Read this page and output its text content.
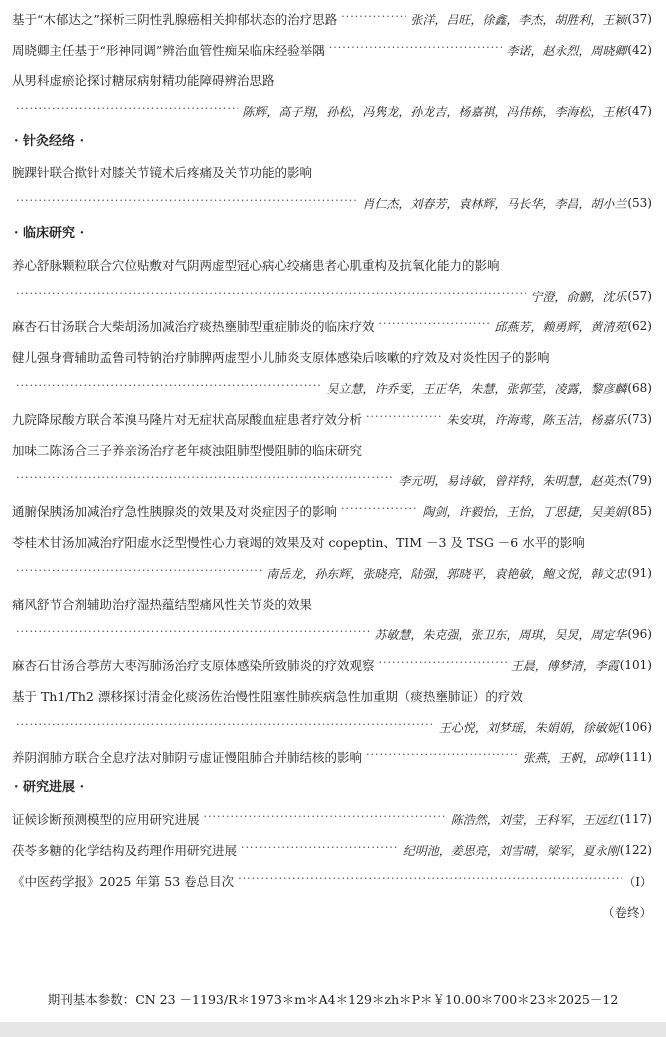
基于“木郁达之”探析三阴性乳腺癌相关抑郁状态的治疗思路 ·····	张洋，吕旺，徐鑫，李杰，胡胜利，王颖 (37)
周晓卿主任基于“形神同调”辨治血管性痴呆临床经验举隅 ·····	李诺，赵永烈，周晓卿 (42)
从男科虚瘀论探讨糖尿病射精功能障碍辨治思路
·····
陈辉，高子翔，孙松，冯隽龙，孙龙吉，杨嘉祺，冯伟栋，李海松，王彬 (47)
· 针灸经络 ·
腕踝针联合揿针对膝关节镜术后疼痛及关节功能的影响
·····
肖仁杰，刘春芳，袁林辉，马长华，李昌，胡小兰 (53)
· 临床研究 ·
养心舒脉颗粒联合穴位贴敷对气阴两虚型冠心病心绞痛患者心肌重构及抗氧化能力的影响
·····
宁澄，俞鹏，沈乐 (57)
麻杏石甘汤联合大柴胡汤加减治疗痰热壅肺型重症肺炎的临床疗效 ·····	邱燕芳，赖勇辉，黄清苑 (62)
健儿强身膏辅助孟鲁司特钠治疗肺脾两虚型小儿肺炎支原体感染后咳嗽的疗效及对炎性因子的影响
·····
吴立慧，许乔雯，王正华，朱慧，张郭莹，凌露，黎彦麟 (68)
九院降尿酸方联合苯溴马隆片对无症状高尿酸血症患者疗效分析 ·····	朱安琪，许海莺，陈玉洁，杨嘉乐 (73)
加味二陈汤合三子养亲汤治疗老年痰浊阻肺型慢阻肺的临床研究
·····
李元明，易诗敏，曾祥特，朱明慧，赵英杰 (79)
通腑保胰汤加减治疗急性胰腺炎的效果及对炎症因子的影响 ·····	陶剑，许毅怡，王怡，丁思捷，吴美娟 (85)
苓桂术甘汤加减治疗阳虚水泛型慢性心力衰竭的效果及对 copeptin、TIM －3 及 TSG －6 水平的影响
·····
南岳龙，孙东辉，张晓亮，陆强，郭晓平，袁艳敏，鲍文悦，韩文忠 (91)
痛风舒节合剂辅助治疗湿热蕴结型痛风性关节炎的效果
·····
苏敏慧，朱克强，张卫东，周琪，吴炅，周定华 (96)
麻杏石甘汤合葶苈大枣泻肺汤治疗支原体感染所致肺炎的疗效观察 ·····	王晨，傅梦清，李霞 (101)
基于 Th1/Th2 漂移探讨清金化痰汤佐治慢性阻塞性肺疾病急性加重期（痰热壅肺证）的疗效
·····
王心悦，刘梦瑶，朱娟娟，徐敏妮 (106)
养阴润肺方联合全息疗法对肺阴亏虚证慢阻肺合并肺结核的影响 ·····	张燕，王帆，邱峥 (111)
· 研究进展 ·
证候诊断预测模型的应用研究进展 ·····	陈浩然，刘莹，王科军，王远红 (117)
茯苓多糖的化学结构及药理作用研究进展 ·····	纪明池，姜思亮，刘雪晴，梁军，夏永刚 (122)
《中医药学报》2025 年第 53 卷总目次 ·····	（Ⅰ）
（卷终）
期刊基本参数：CN 23 －1193/R＊1973＊m＊A4＊129＊zh＊P＊￥10.00＊700＊23＊2025－12
